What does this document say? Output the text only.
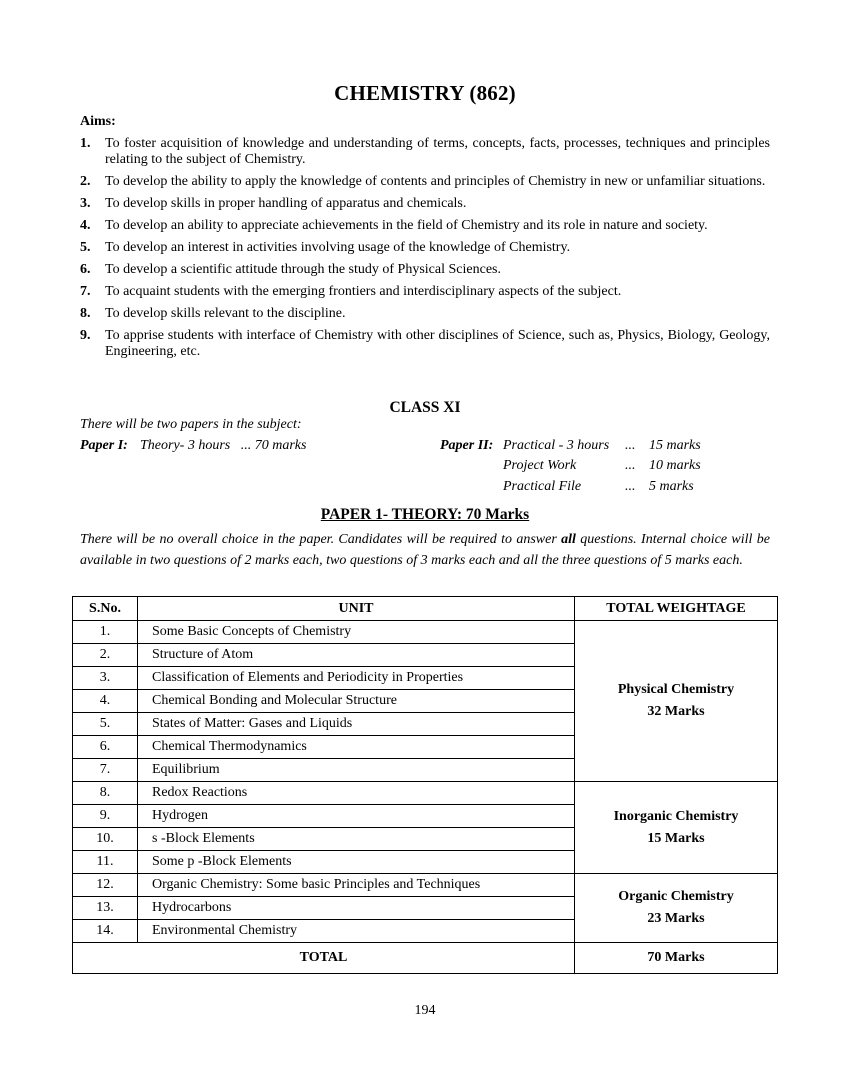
CHEMISTRY (862)
Aims:
1. To foster acquisition of knowledge and understanding of terms, concepts, facts, processes, techniques and principles relating to the subject of Chemistry.
2. To develop the ability to apply the knowledge of contents and principles of Chemistry in new or unfamiliar situations.
3. To develop skills in proper handling of apparatus and chemicals.
4. To develop an ability to appreciate achievements in the field of Chemistry and its role in nature and society.
5. To develop an interest in activities involving usage of the knowledge of Chemistry.
6. To develop a scientific attitude through the study of Physical Sciences.
7. To acquaint students with the emerging frontiers and interdisciplinary aspects of the subject.
8. To develop skills relevant to the discipline.
9. To apprise students with interface of Chemistry with other disciplines of Science, such as, Physics, Biology, Geology, Engineering, etc.
CLASS XI
There will be two papers in the subject:
Paper I: Theory- 3 hours   ... 70 marks	Paper II: Practical - 3 hours ... 15 marks
Project Work	... 10 marks
Practical File	... 5 marks
PAPER 1- THEORY: 70 Marks
There will be no overall choice in the paper. Candidates will be required to answer all questions. Internal choice will be available in two questions of 2 marks each, two questions of 3 marks each and all the three questions of 5 marks each.
S.No.	UNIT	TOTAL WEIGHTAGE
1.	Some Basic Concepts of Chemistry	Physical Chemistry
32 Marks

2.	Structure of Atom	
3.	Classification of Elements and Periodicity in Properties	
4.	Chemical Bonding and Molecular Structure	
5.	States of Matter: Gases and Liquids	
6.	Chemical Thermodynamics	
7.	Equilibrium	
8.	Redox Reactions	Inorganic Chemistry
15 Marks

9.	Hydrogen	
10.	s -Block Elements	
11.	Some p -Block Elements	
12.	Organic Chemistry: Some basic Principles and Techniques	Organic Chemistry
23 Marks

13.	Hydrocarbons	
14.	Environmental Chemistry	
TOTAL		70 Marks
194
